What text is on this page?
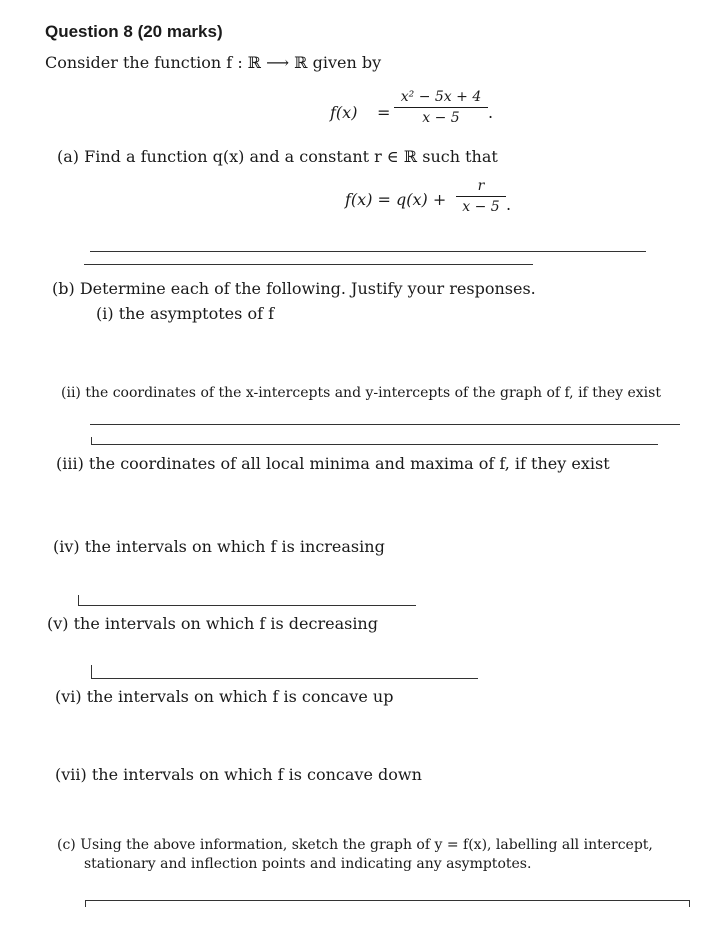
Question 8 (20 marks)
Consider the function f : ℝ ⟶ ℝ given by
f(x) =
x² − 5x + 4
x − 5	.
(a) Find a function q(x) and a constant r ∈ ℝ such that
f(x) = q(x) +
r
x − 5 .
(b) Determine each of the following. Justify your responses.
(i) the asymptotes of f
(ii) the coordinates of the x-intercepts and y-intercepts of the graph of f, if they exist
(iii) the coordinates of all local minima and maxima of f, if they exist
(iv) the intervals on which f is increasing
(v) the intervals on which f is decreasing
(vi) the intervals on which f is concave up
(vii) the intervals on which f is concave down
(c) Using the above information, sketch the graph of y = f(x), labelling all intercept,
stationary and inflection points and indicating any asymptotes.
